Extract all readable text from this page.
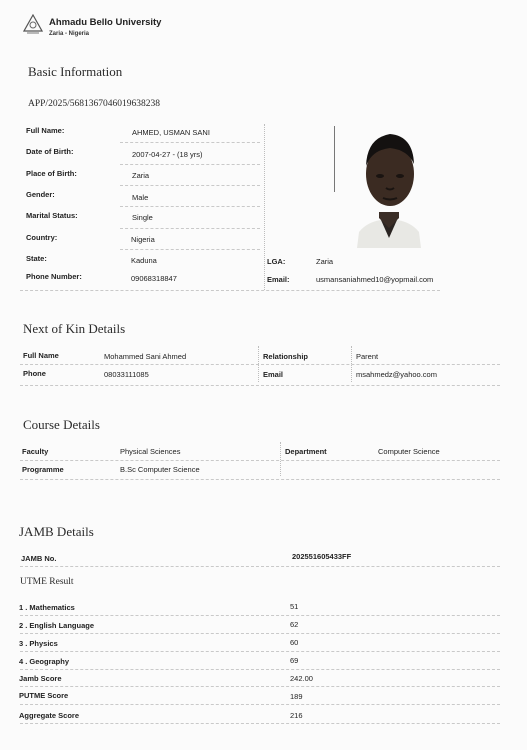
Ahmadu Bello University
Zaria - Nigeria
Basic Information
APP/2025/5681367046019638238
Full Name:	AHMED, USMAN SANI
Date of Birth:	2007-04-27 - (18 yrs)
Place of Birth:	Zaria
Gender:	Male
Marital Status:	Single
Country:	Nigeria
State:	Kaduna
Phone Number:	09068318847
LGA:	Zaria
Email:	usmansaniahmed10@yopmail.com
Next of Kin Details
Full Name	Mohammed Sani Ahmed	Relationship	Parent
Phone	08033111085	Email	msahmedz@yahoo.com
Course Details
Faculty	Physical Sciences	Department	Computer Science
Programme	B.Sc Computer Science
JAMB Details
JAMB No.	202551605433FF
UTME Result
1 . Mathematics	51
2 . English Language	62
3 . Physics	60
4 . Geography	69
Jamb Score	242.00
PUTME Score	189
Aggregate Score	216
